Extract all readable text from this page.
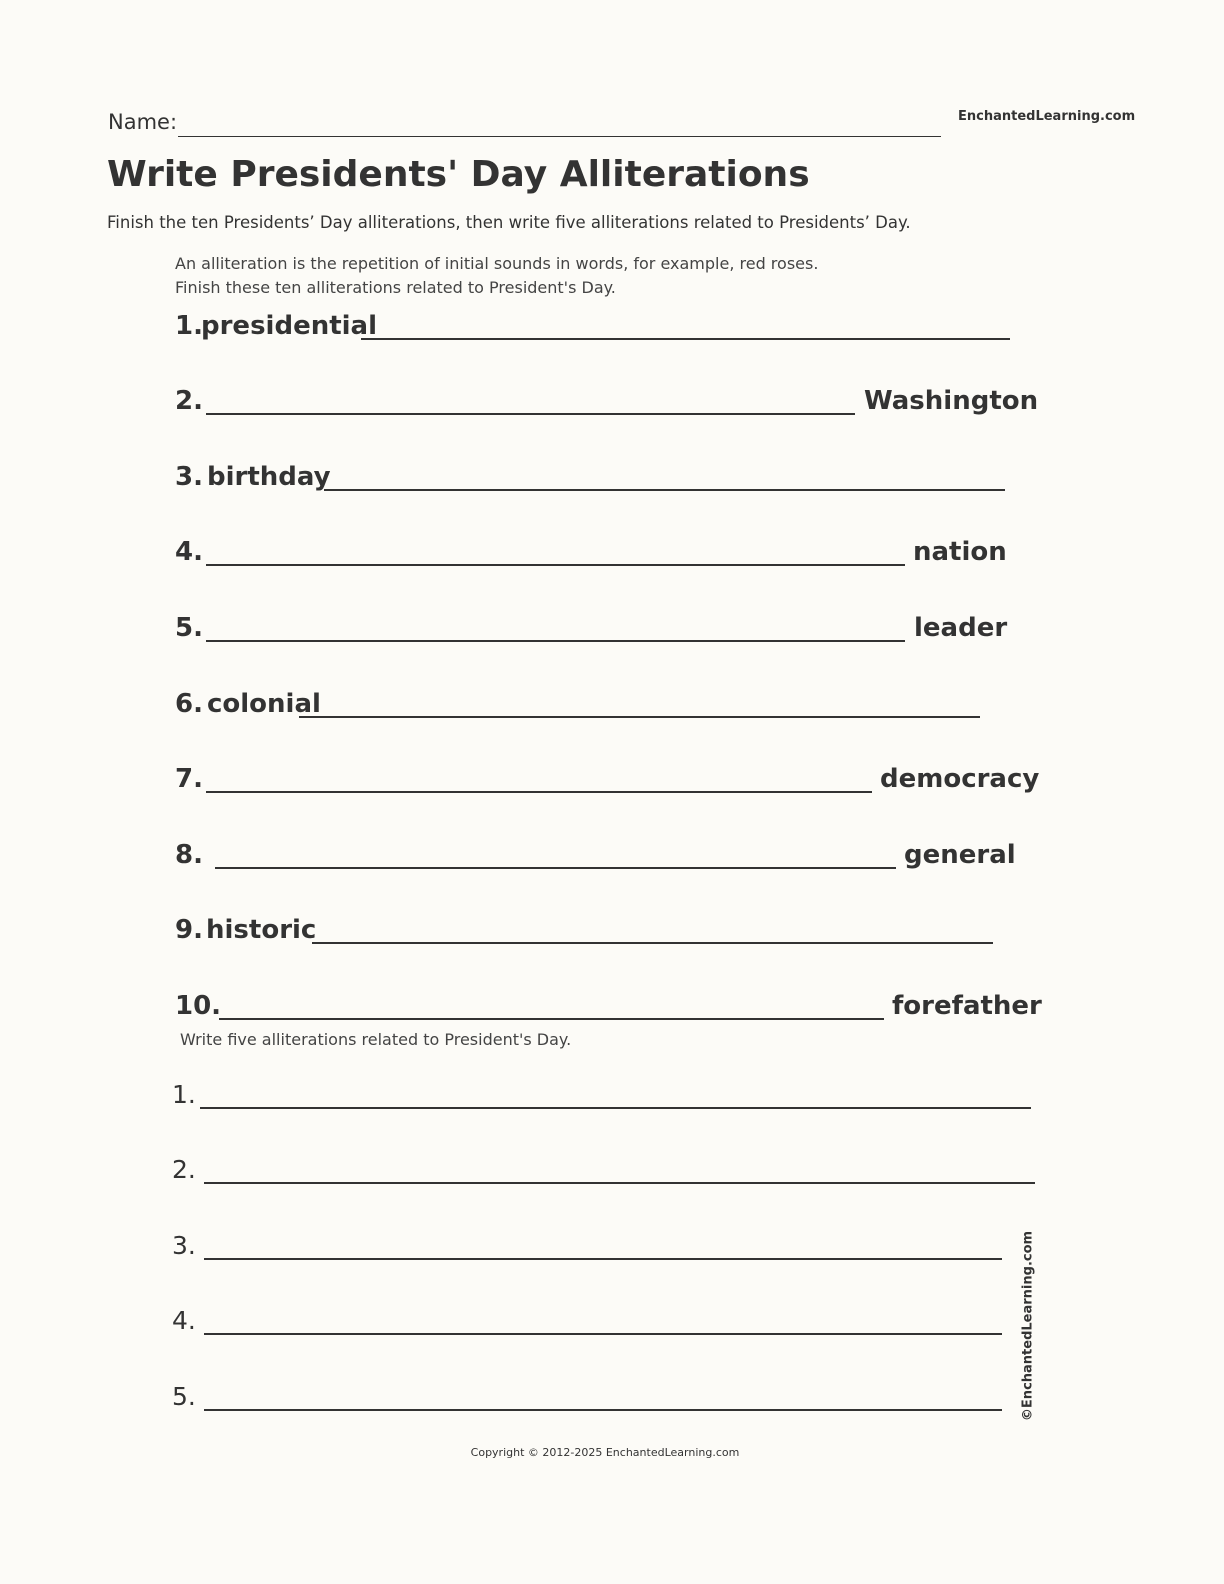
Name:	EnchantedLearning.com
Write Presidents' Day Alliterations
Finish the ten Presidents’ Day alliterations, then write five alliterations related to Presidents’ Day.
An alliteration is the repetition of initial sounds in words, for example, red roses.
Finish these ten alliterations related to President's Day.
1.
presidential
2.	Washington
3. birthday
4.	nation
5.	leader
6. colonial
7.	democracy
8.	general
9. historic
10.	forefather
Write five alliterations related to President's Day.
1.
2.
3.
4.
5.	©EnchantedLearning.com
Copyright © 2012-2025 EnchantedLearning.com
